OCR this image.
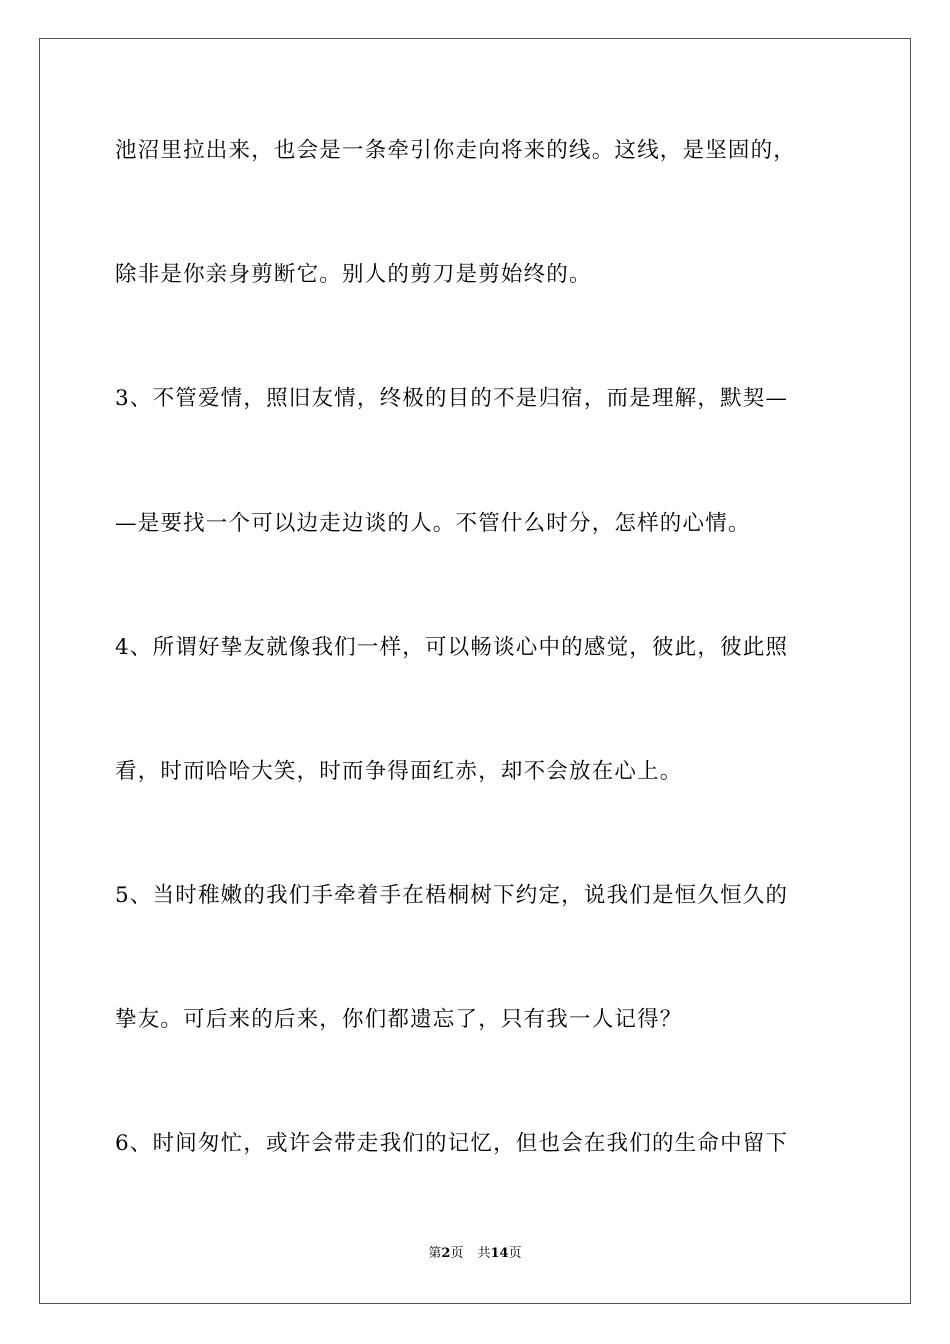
池沼里拉出来，也会是一条牵引你走向将来的线。这线，是坚固的，
除非是你亲身剪断它。别人的剪刀是剪始终的。
3、不管爱情，照旧友情，终极的目的不是归宿，而是理解，默契—
—是要找一个可以边走边谈的人。不管什么时分，怎样的心情。
4、所谓好挚友就像我们一样，可以畅谈心中的感觉，彼此，彼此照
看，时而哈哈大笑，时而争得面红赤，却不会放在心上。
5、当时稚嫩的我们手牵着手在梧桐树下约定，说我们是恒久恒久的
挚友。可后来的后来，你们都遗忘了，只有我一人记得？
6、时间匆忙，或许会带走我们的记忆，但也会在我们的生命中留下
第2页 共14页
